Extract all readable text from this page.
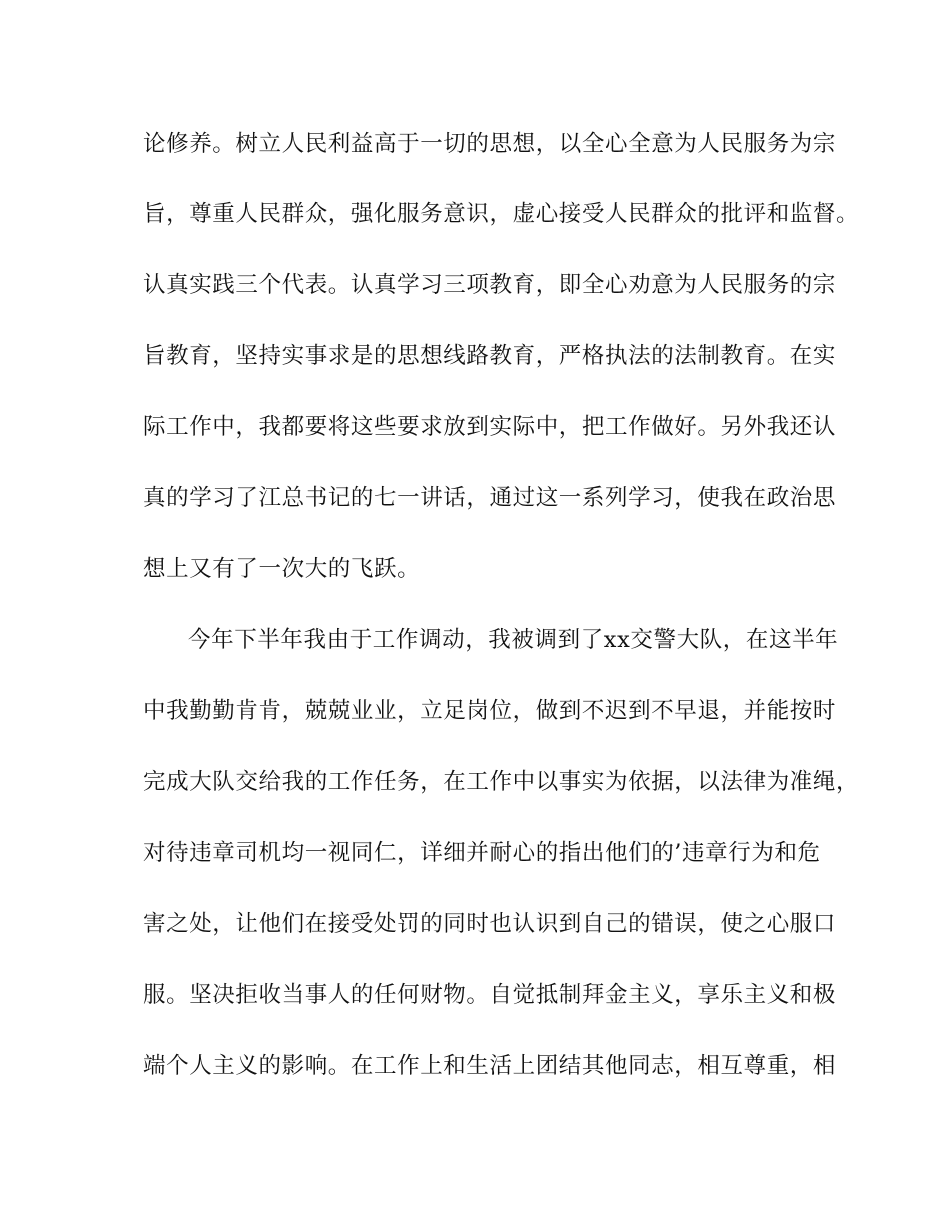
论修养。树立人民利益高于一切的思想，以全心全意为人民服务为宗
旨，尊重人民群众，强化服务意识，虚心接受人民群众的批评和监督。
认真实践三个代表。认真学习三项教育，即全心劝意为人民服务的宗
旨教育，坚持实事求是的思想线路教育，严格执法的法制教育。在实
际工作中，我都要将这些要求放到实际中，把工作做好。另外我还认
真的学习了江总书记的七一讲话，通过这一系列学习，使我在政治思
想上又有了一次大的飞跃。
今年下半年我由于工作调动，我被调到了xx交警大队，在这半年
中我勤勤肯肯，兢兢业业，立足岗位，做到不迟到不早退，并能按时
完成大队交给我的工作任务，在工作中以事实为依据，以法律为准绳，
对待违章司机均一视同仁，详细并耐心的指出他们的’违章行为和危
害之处，让他们在接受处罚的同时也认识到自己的错误，使之心服口
服。坚决拒收当事人的任何财物。自觉抵制拜金主义，享乐主义和极
端个人主义的影响。在工作上和生活上团结其他同志，相互尊重，相
